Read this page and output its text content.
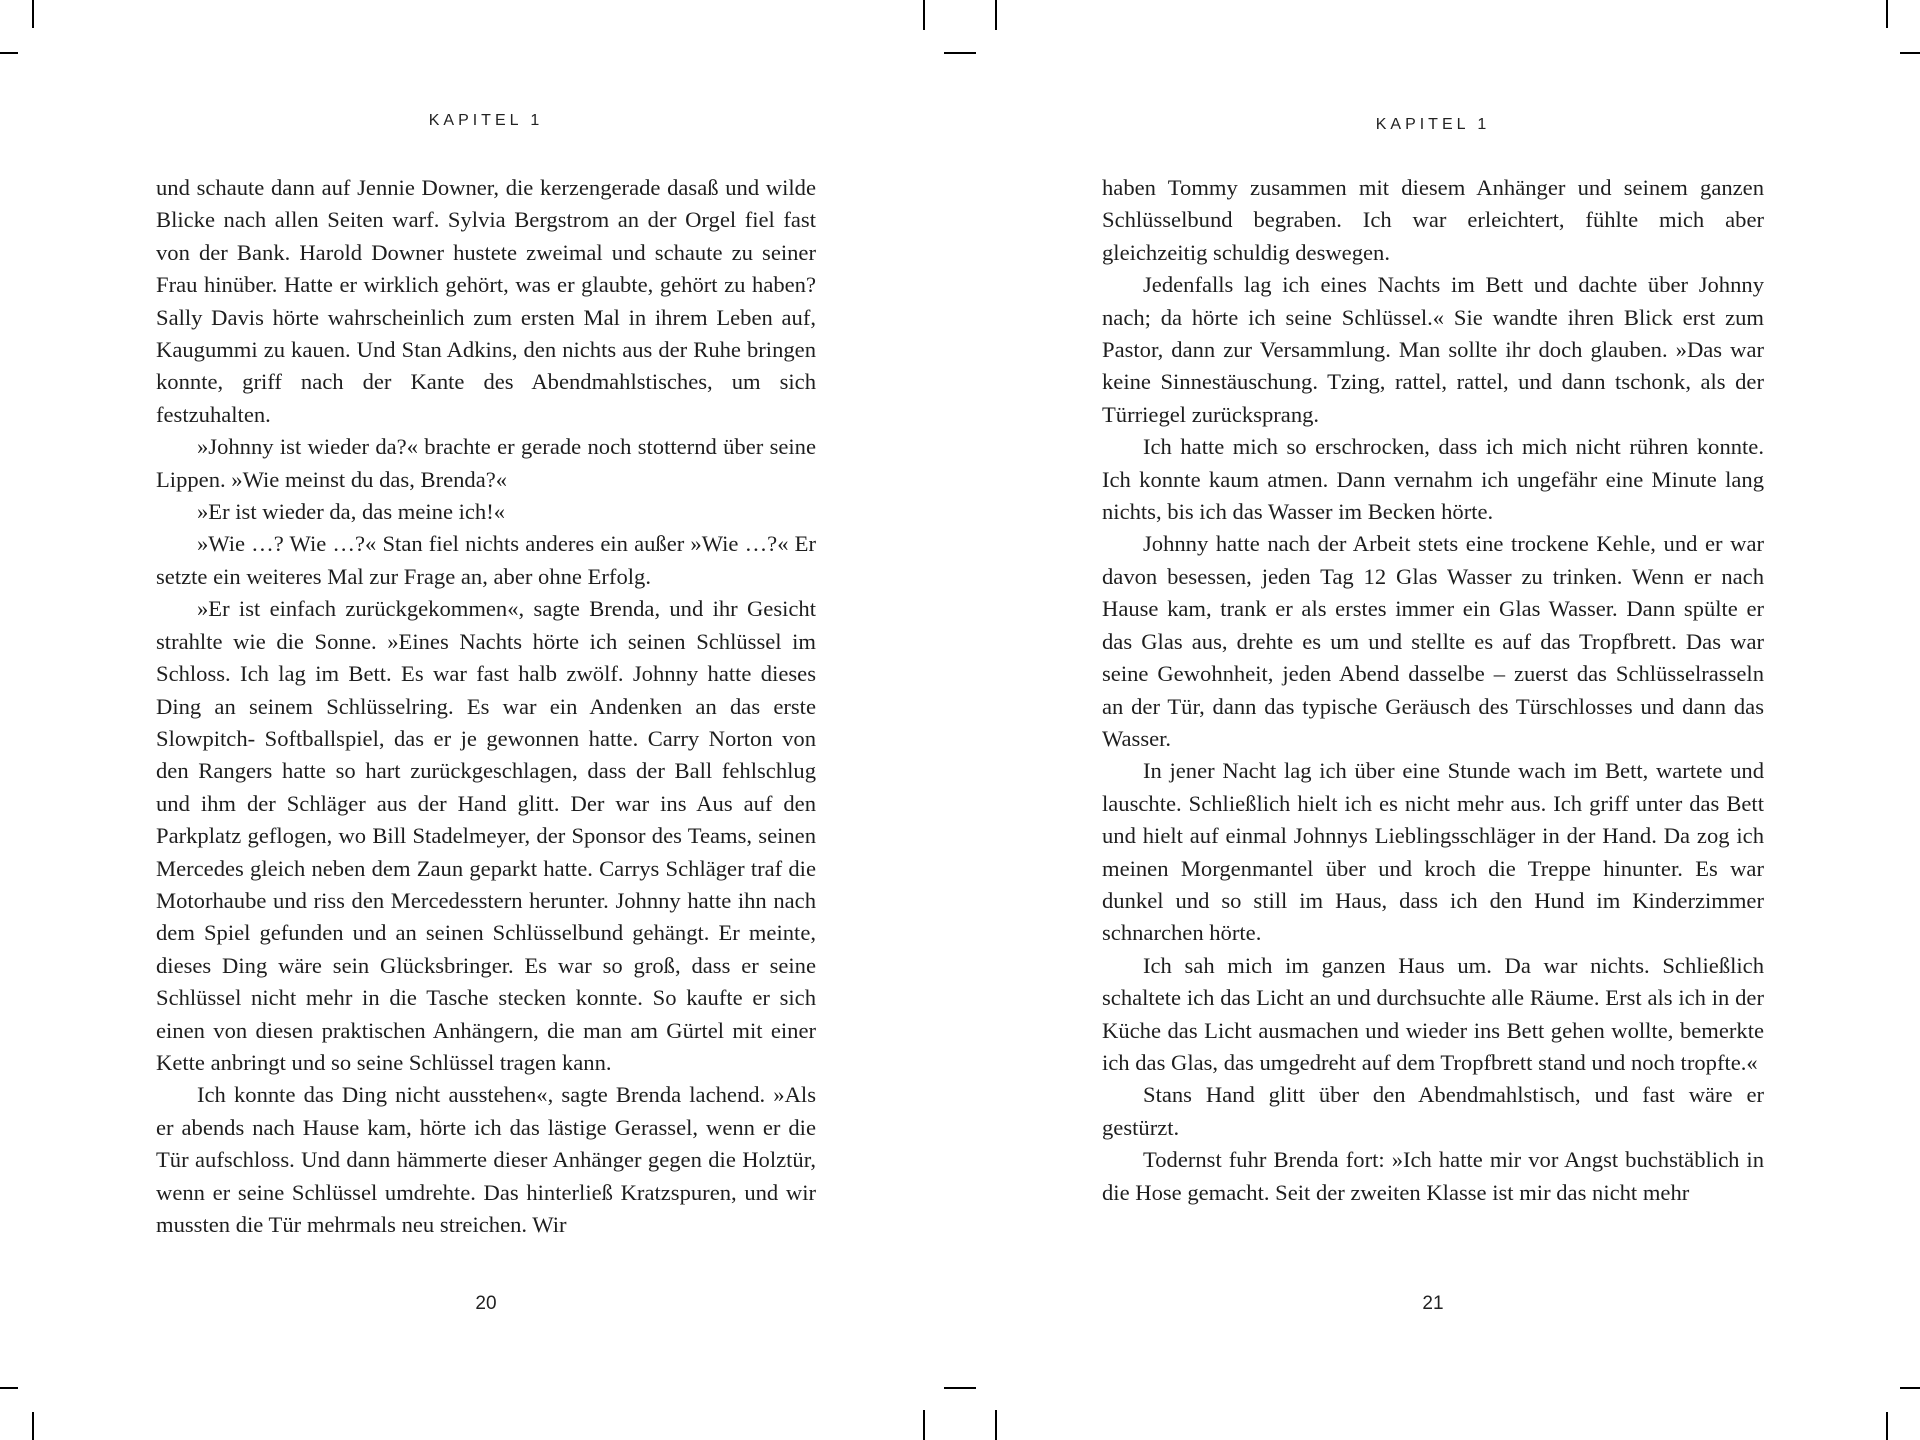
KAPITEL 1

und schaute dann auf Jennie Downer, die kerzengerade dasaß und wilde Blicke nach allen Seiten warf. Sylvia Bergstrom an der Orgel fiel fast von der Bank. Harold Downer hustete zweimal und schaute zu seiner Frau hinüber. Hatte er wirklich gehört, was er glaubte, gehört zu haben? Sally Davis hörte wahrscheinlich zum ersten Mal in ihrem Leben auf, Kaugummi zu kauen. Und Stan Adkins, den nichts aus der Ruhe bringen konnte, griff nach der Kante des Abendmahlstisches, um sich festzuhalten.

»Johnny ist wieder da?« brachte er gerade noch stotternd über seine Lippen. »Wie meinst du das, Brenda?«

»Er ist wieder da, das meine ich!«

»Wie …? Wie …?« Stan fiel nichts anderes ein außer »Wie …?« Er setzte ein weiteres Mal zur Frage an, aber ohne Erfolg.

»Er ist einfach zurückgekommen«, sagte Brenda, und ihr Gesicht strahlte wie die Sonne. »Eines Nachts hörte ich seinen Schlüssel im Schloss. Ich lag im Bett. Es war fast halb zwölf. Johnny hatte dieses Ding an seinem Schlüsselring. Es war ein Andenken an das erste Slowpitch- Softballspiel, das er je gewonnen hatte. Carry Norton von den Rangers hatte so hart zurückgeschlagen, dass der Ball fehlschlug und ihm der Schläger aus der Hand glitt. Der war ins Aus auf den Parkplatz geflogen, wo Bill Stadelmeyer, der Sponsor des Teams, seinen Mercedes gleich neben dem Zaun geparkt hatte. Carrys Schläger traf die Motorhaube und riss den Mercedesstern herunter. Johnny hatte ihn nach dem Spiel gefunden und an seinen Schlüsselbund gehängt. Er meinte, dieses Ding wäre sein Glücksbringer. Es war so groß, dass er seine Schlüssel nicht mehr in die Tasche stecken konnte. So kaufte er sich einen von diesen praktischen Anhängern, die man am Gürtel mit einer Kette anbringt und so seine Schlüssel tragen kann.

Ich konnte das Ding nicht ausstehen«, sagte Brenda lachend. »Als er abends nach Hause kam, hörte ich das lästige Gerassel, wenn er die Tür aufschloss. Und dann hämmerte dieser Anhänger gegen die Holztür, wenn er seine Schlüssel umdrehte. Das hinterließ Kratzspuren, und wir mussten die Tür mehrmals neu streichen. Wir

20
KAPITEL 1

haben Tommy zusammen mit diesem Anhänger und seinem ganzen Schlüsselbund begraben. Ich war erleichtert, fühlte mich aber gleichzeitig schuldig deswegen.

Jedenfalls lag ich eines Nachts im Bett und dachte über Johnny nach; da hörte ich seine Schlüssel.« Sie wandte ihren Blick erst zum Pastor, dann zur Versammlung. Man sollte ihr doch glauben. »Das war keine Sinnestäuschung. Tzing, rattel, rattel, und dann tschonk, als der Türriegel zurücksprang.

Ich hatte mich so erschrocken, dass ich mich nicht rühren konnte. Ich konnte kaum atmen. Dann vernahm ich ungefähr eine Minute lang nichts, bis ich das Wasser im Becken hörte.

Johnny hatte nach der Arbeit stets eine trockene Kehle, und er war davon besessen, jeden Tag 12 Glas Wasser zu trinken. Wenn er nach Hause kam, trank er als erstes immer ein Glas Wasser. Dann spülte er das Glas aus, drehte es um und stellte es auf das Tropfbrett. Das war seine Gewohnheit, jeden Abend dasselbe – zuerst das Schlüsselrasseln an der Tür, dann das typische Geräusch des Türschlosses und dann das Wasser.

In jener Nacht lag ich über eine Stunde wach im Bett, wartete und lauschte. Schließlich hielt ich es nicht mehr aus. Ich griff unter das Bett und hielt auf einmal Johnnys Lieblingsschläger in der Hand. Da zog ich meinen Morgenmantel über und kroch die Treppe hinunter. Es war dunkel und so still im Haus, dass ich den Hund im Kinderzimmer schnarchen hörte.

Ich sah mich im ganzen Haus um. Da war nichts. Schließlich schaltete ich das Licht an und durchsuchte alle Räume. Erst als ich in der Küche das Licht ausmachen und wieder ins Bett gehen wollte, bemerkte ich das Glas, das umgedreht auf dem Tropfbrett stand und noch tropfte.«

Stans Hand glitt über den Abendmahlstisch, und fast wäre er gestürzt.

Todernst fuhr Brenda fort: »Ich hatte mir vor Angst buchstäblich in die Hose gemacht. Seit der zweiten Klasse ist mir das nicht mehr

21
